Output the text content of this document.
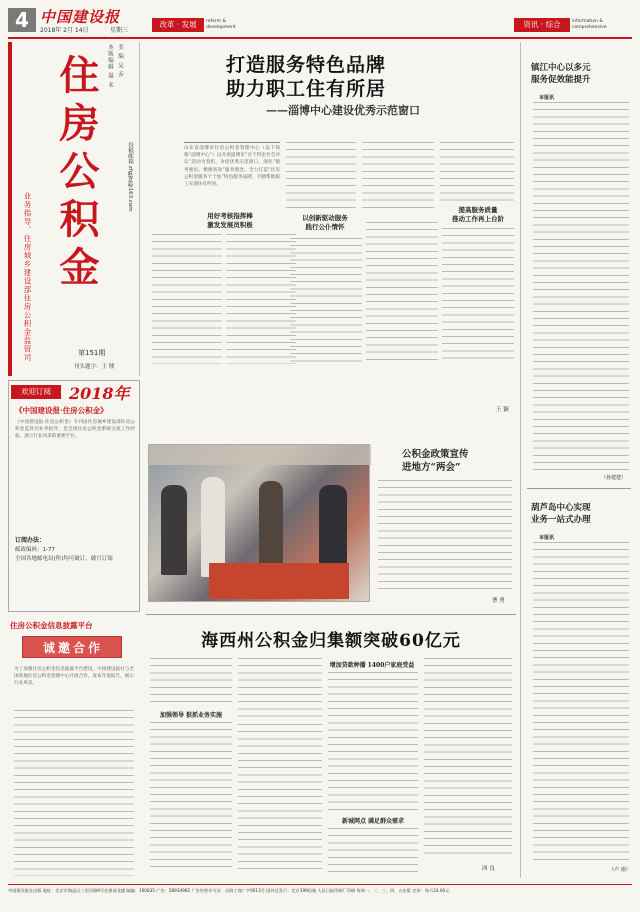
4 中国建设报
2018年 2月 14日	星期三
改革 · 发展	reform & development	资讯 · 综合	information & comprehensive
住房公积金
业务指导、住房城乡建设部住房公积金监管司
本版编辑 温 禾 美 编 吴 乔
投稿邮箱 zfgjjbj@163.com
第151期
刊头题字：王 锺
欢迎订阅	2018年
《中国建设报·住房公积金》
《中国建设报·住房公积金》专刊由住房城乡建设部住房公积金监管司业务指导，是全国住房公积金系统交流工作经验、展示行业风采的重要平台。
订阅办法：
邮政编码：1-77
全国各地邮电局(所)均可破订，破月订阅
住房公积金信息披露平台
诚邀合作
为了加强住房公积金信息披露平台建设，中国建设报社与全国各地住房公积金管理中心开展合作，发布年度报告，展示行业风采。
打造服务特色品牌
助力职工住有所居
——淄博中心建设优秀示范窗口
山东省淄博市住房公积金管理中心（以下简称“淄博中心”）以开展淄博市“百个科室社会评议”活动为契机，争创优秀示范窗口，深化“服务惠民、便捷高效”服务理念，全力打造“住房公积金服务个个加”特色服务品牌，不断帮助职工实现住有所居。
用好考核指挥棒
激发发展员积极
以创新驱动服务
践行公仆情怀
提高服务质量
推动工作再上台阶
王 颖
公积金政策宣传
进地方“两会”
曹 勇
镇江中心以多元
服务促效能提升
本报讯
（孙建建）
葫芦岛中心实现
业务一站式办理
本报讯
（卢 翊）
海西州公积金归集额突破60亿元
加强领导 狠抓业务实施
增加贷款种播 1400户家庭受益
新城网点 满足群众需求
西 良
中国建设报社出版 地址：北京市海淀区三里河路9号住建部北楼 邮编：100835 广告：58934982 广告经营许可证：京海工商广字0013号 国外总发行：北京399信箱 人民日报印刷厂印刷 每周一、二、三、四、五出版 定价：每月24.00元
